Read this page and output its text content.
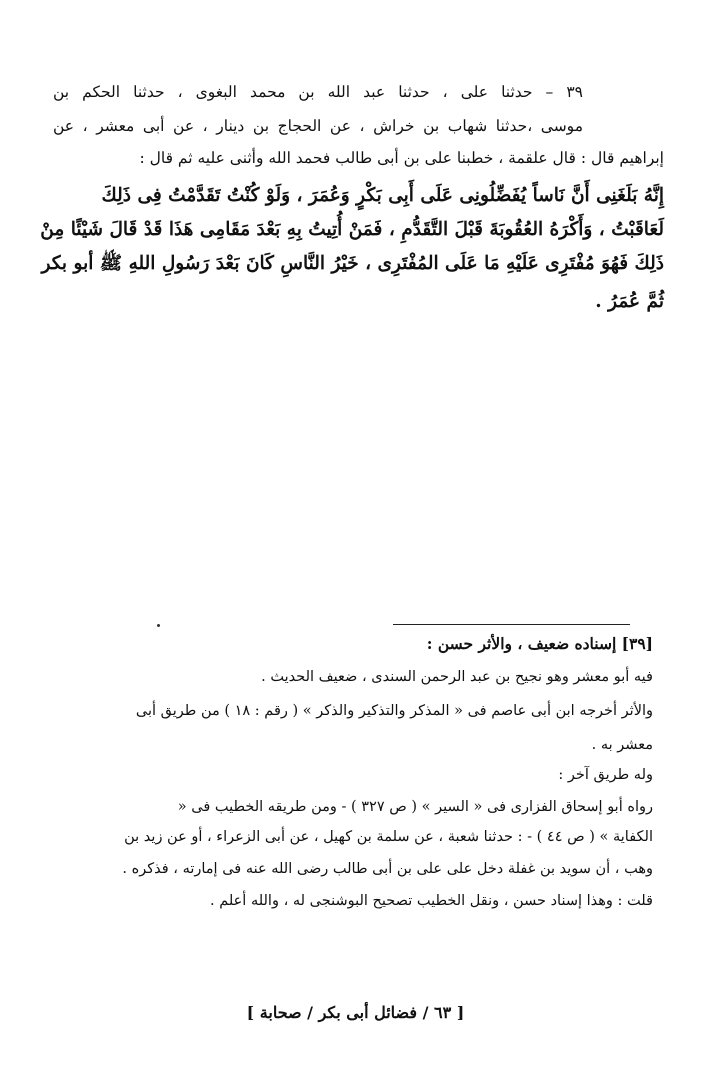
٣٩ – حدثنا على ، حدثنا عبد الله بن محمد البغوى ، حدثنا الحكم بن
موسى ،حدثنا شهاب بن خراش ، عن الحجاج بن دينار ، عن أبى معشر ، عن
إبراهيم قال : قال علقمة ، خطبنا على بن أبى طالب فحمد الله وأثنى عليه ثم قال :
إِنَّهُ بَلَغَنِى أَنَّ نَاساً يُفَضِّلُونِى عَلَى أَبِى بَكْرٍ وَعُمَرَ ، وَلَوْ كُنْتُ تَقَدَّمْتُ فِى ذَلِكَ
لَعَاقَبْتُ ، وَأَكْرَهُ العُقُوبَةَ قَبْلَ التَّقَدُّمِ ، فَمَنْ أُتِيتُ بِهِ بَعْدَ مَقَامِى هَذَا قَدْ قَالَ شَيْئًا مِنْ
ذَلِكَ فَهُوَ مُفْتَرِى عَلَيْهِ مَا عَلَى المُفْتَرِى ، خَيْرُ النَّاسِ كَانَ بَعْدَ رَسُولِ اللهِ ﷺ أبو بكر
ثُمَّ عُمَرُ .
[٣٩] إسناده ضعيف ، والأثر حسن :
فيه أبو معشر وهو نجيح بن عبد الرحمن السندى ، ضعيف الحديث .
والأثر أخرجه ابن أبى عاصم فى « المذكر والتذكير والذكر » ( رقم : ١٨ ) من طريق أبى
معشر به .
وله طريق آخر :
رواه أبو إسحاق الفزارى فى « السير » ( ص ٣٢٧ ) - ومن طريقه الخطيب فى «
الكفاية » ( ص ٤٤ ) - : حدثنا شعبة ، عن سلمة بن كهيل ، عن أبى الزعراء ، أو عن زيد بن
وهب ، أن سويد بن غفلة دخل على على بن أبى طالب رضى الله عنه فى إمارته ، فذكره .
قلت : وهذا إسناد حسن ، ونقل الخطيب تصحيح البوشنجى له ، والله أعلم .
[ ٦٣ / فضائل أبى بكر / صحابة ]
